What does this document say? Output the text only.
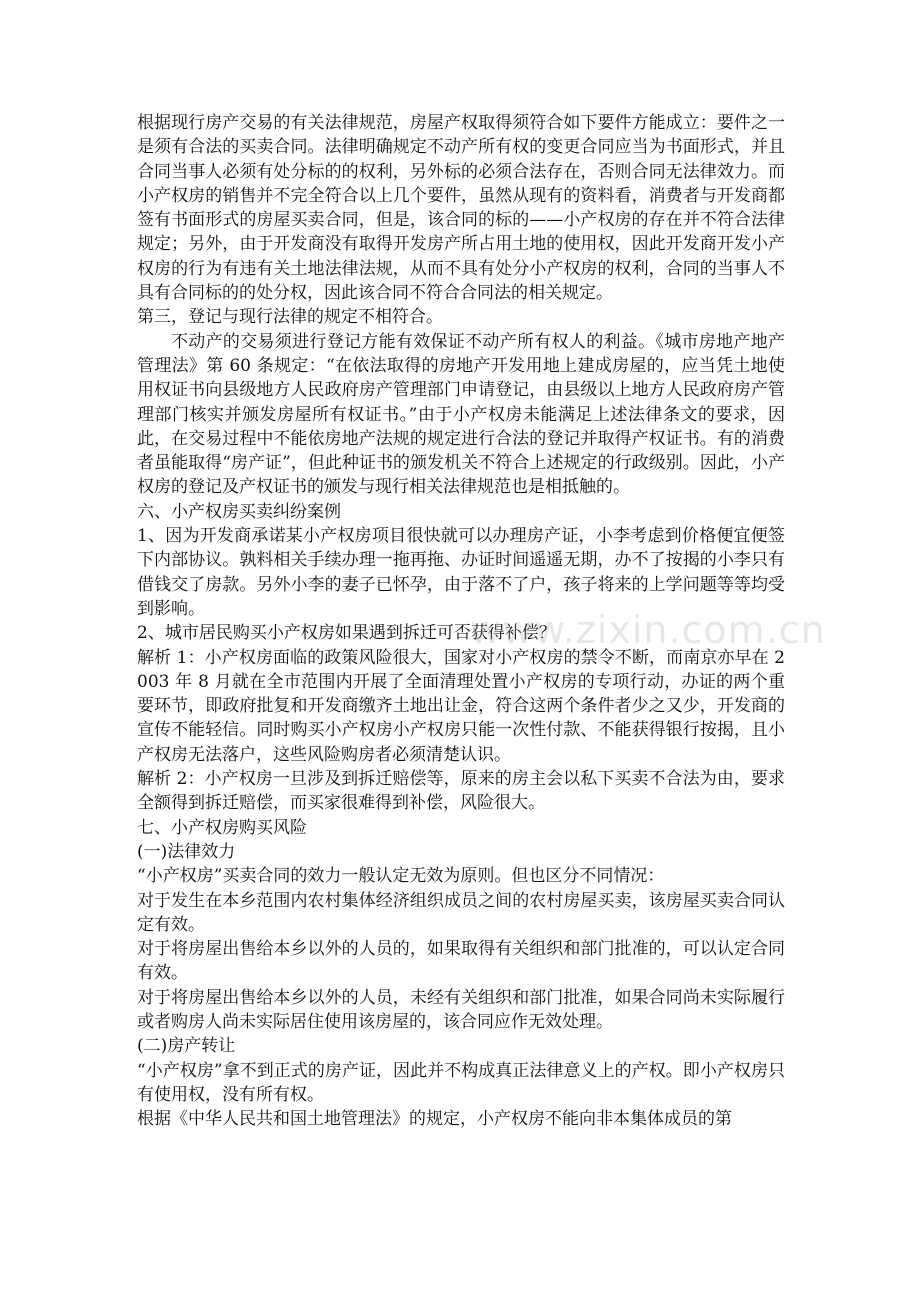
根据现行房产交易的有关法律规范，房屋产权取得须符合如下要件方能成立：要件之一是须有合法的买卖合同。法律明确规定不动产所有权的变更合同应当为书面形式，并且合同当事人必须有处分标的的权利，另外标的必须合法存在，否则合同无法律效力。而小产权房的销售并不完全符合以上几个要件，虽然从现有的资料看，消费者与开发商都签有书面形式的房屋买卖合同，但是，该合同的标的——小产权房的存在并不符合法律规定；另外，由于开发商没有取得开发房产所占用土地的使用权，因此开发商开发小产权房的行为有违有关土地法律法规，从而不具有处分小产权房的权利，合同的当事人不具有合同标的的处分权，因此该合同不符合合同法的相关规定。

第三，登记与现行法律的规定不相符合。

不动产的交易须进行登记方能有效保证不动产所有权人的利益。《城市房地产地产管理法》第 60 条规定：“在依法取得的房地产开发用地上建成房屋的，应当凭土地使用权证书向县级地方人民政府房产管理部门申请登记，由县级以上地方人民政府房产管理部门核实并颁发房屋所有权证书。”由于小产权房未能满足上述法律条文的要求，因此，在交易过程中不能依房地产法规的规定进行合法的登记并取得产权证书。有的消费者虽能取得“房产证”，但此种证书的颁发机关不符合上述规定的行政级别。因此，小产权房的登记及产权证书的颁发与现行相关法律规范也是相抵触的。

六、小产权房买卖纠纷案例

1、因为开发商承诺某小产权房项目很快就可以办理房产证，小李考虑到价格便宜便签下内部协议。孰料相关手续办理一拖再拖、办证时间遥遥无期，办不了按揭的小李只有借钱交了房款。另外小李的妻子已怀孕，由于落不了户，孩子将来的上学问题等等均受到影响。

2、城市居民购买小产权房如果遇到拆迁可否获得补偿？

解析 1：小产权房面临的政策风险很大，国家对小产权房的禁令不断，而南京亦早在 2003 年 8 月就在全市范围内开展了全面清理处置小产权房的专项行动，办证的两个重要环节，即政府批复和开发商缴齐土地出让金，符合这两个条件者少之又少，开发商的宣传不能轻信。同时购买小产权房小产权房只能一次性付款、不能获得银行按揭，且小产权房无法落户，这些风险购房者必须清楚认识。

解析 2：小产权房一旦涉及到拆迁赔偿等，原来的房主会以私下买卖不合法为由，要求全额得到拆迁赔偿，而买家很难得到补偿，风险很大。

七、小产权房购买风险

(一)法律效力

“小产权房”买卖合同的效力一般认定无效为原则。但也区分不同情况：

对于发生在本乡范围内农村集体经济组织成员之间的农村房屋买卖，该房屋买卖合同认定有效。

对于将房屋出售给本乡以外的人员的，如果取得有关组织和部门批准的，可以认定合同有效。

对于将房屋出售给本乡以外的人员，未经有关组织和部门批准，如果合同尚未实际履行或者购房人尚未实际居住使用该房屋的，该合同应作无效处理。

(二)房产转让

“小产权房”拿不到正式的房产证，因此并不构成真正法律意义上的产权。即小产权房只有使用权，没有所有权。

根据《中华人民共和国土地管理法》的规定，小产权房不能向非本集体成员的第

www.zixin.com.cn
